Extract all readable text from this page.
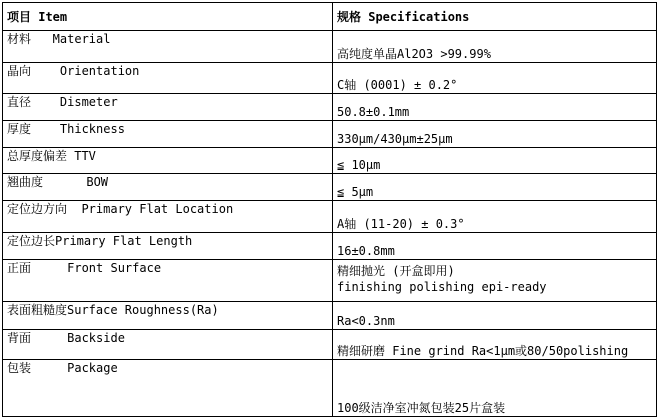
项目 Item	规格 Specifications
材料   Material	高纯度单晶Al2O3 >99.99%
晶向    Orientation	C轴 (0001) ± 0.2°
直径    Dismeter	50.8±0.1mm
厚度    Thickness	330μm/430μm±25μm
总厚度偏差 TTV	≦ 10μm
翘曲度      BOW	≦ 5μm
定位边方向  Primary Flat Location	A轴 (11-20) ± 0.3°
定位边长Primary Flat Length	16±0.8mm
正面     Front Surface	精细抛光 (开盒即用)
finishing polishing epi-ready

表面粗糙度Surface Roughness(Ra)	Ra<0.3nm
背面     Backside	精细研磨 Fine grind Ra<1μm或80/50polishing
包装     Package	100级洁净室冲氮包装25片盒装
